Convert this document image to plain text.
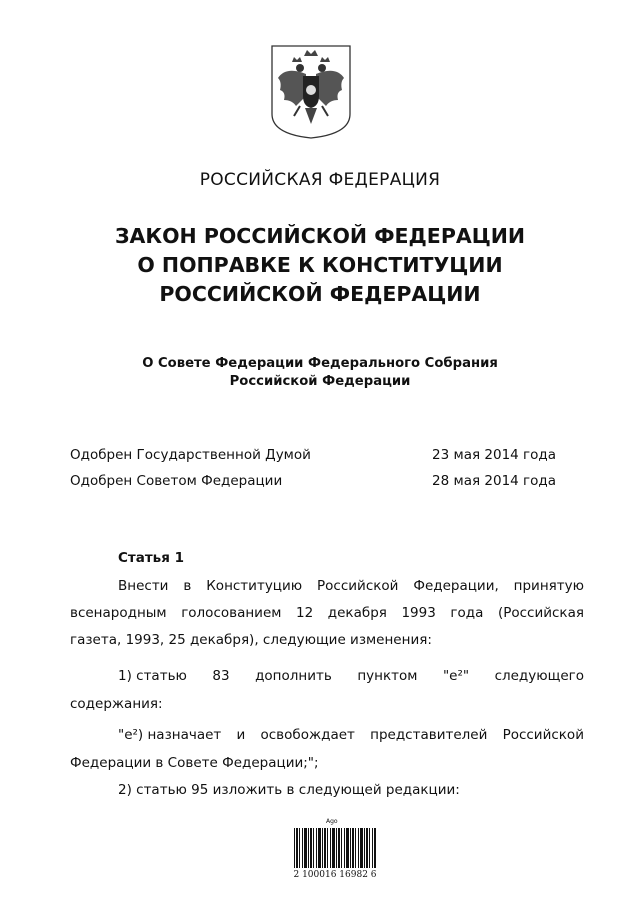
РОССИЙСКАЯ ФЕДЕРАЦИЯ
ЗАКОН РОССИЙСКОЙ ФЕДЕРАЦИИ
О ПОПРАВКЕ К КОНСТИТУЦИИ
РОССИЙСКОЙ ФЕДЕРАЦИИ
О Совете Федерации Федерального Собрания
Российской Федерации
Одобрен Государственной Думой	23 мая 2014 года
Одобрен Советом Федерации	28 мая 2014 года
Статья 1
Внести в Конституцию Российской Федерации, принятую
всенародным голосованием 12 декабря 1993 года (Российская
газета, 1993, 25 декабря), следующие изменения:
1) статью 83 дополнить пунктом "е²" следующего
содержания:
"е²) назначает и освобождает представителей Российской
Федерации в Совете Федерации;";
2) статью 95 изложить в следующей редакции:
Ago
2 100016 16982 6
